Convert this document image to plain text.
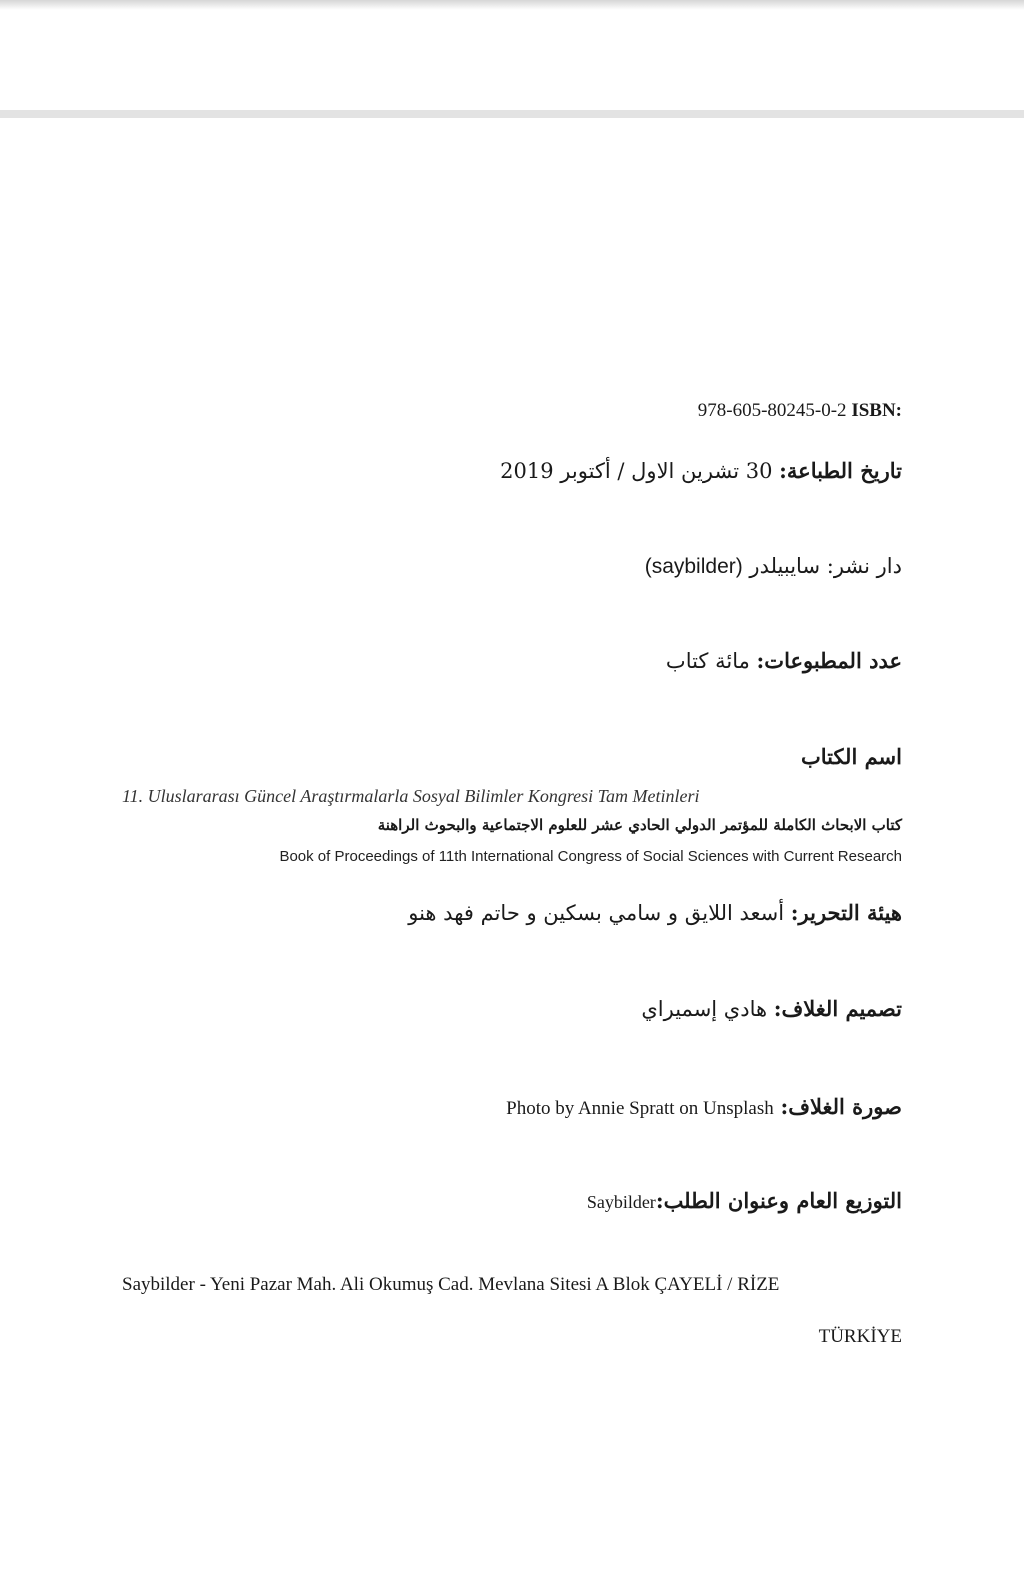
978-605-80245-0-2 ISBN:
تاريخ الطباعة: 30 تشرين الاول / أكتوبر 2019
دار نشر: سايبيلدر (saybilder)
عدد المطبوعات: مائة كتاب
اسم الكتاب
11. Uluslararası Güncel Araştırmalarla Sosyal Bilimler Kongresi Tam Metinleri
كتاب الابحاث الكاملة للمؤتمر الدولي الحادي عشر للعلوم الاجتماعية والبحوث الراهنة
Book of Proceedings of 11th International Congress of Social Sciences with Current Research
هيئة التحرير: أسعد اللايق و سامي بسكين و حاتم فهد هنو
تصميم الغلاف: هادي إسميراي
صورة الغلاف: Photo by Annie Spratt on Unsplash
التوزيع العام وعنوان الطلب:Saybilder
Saybilder - Yeni Pazar Mah. Ali Okumuş Cad. Mevlana Sitesi A Blok ÇAYELİ / RİZE
TÜRKİYE
